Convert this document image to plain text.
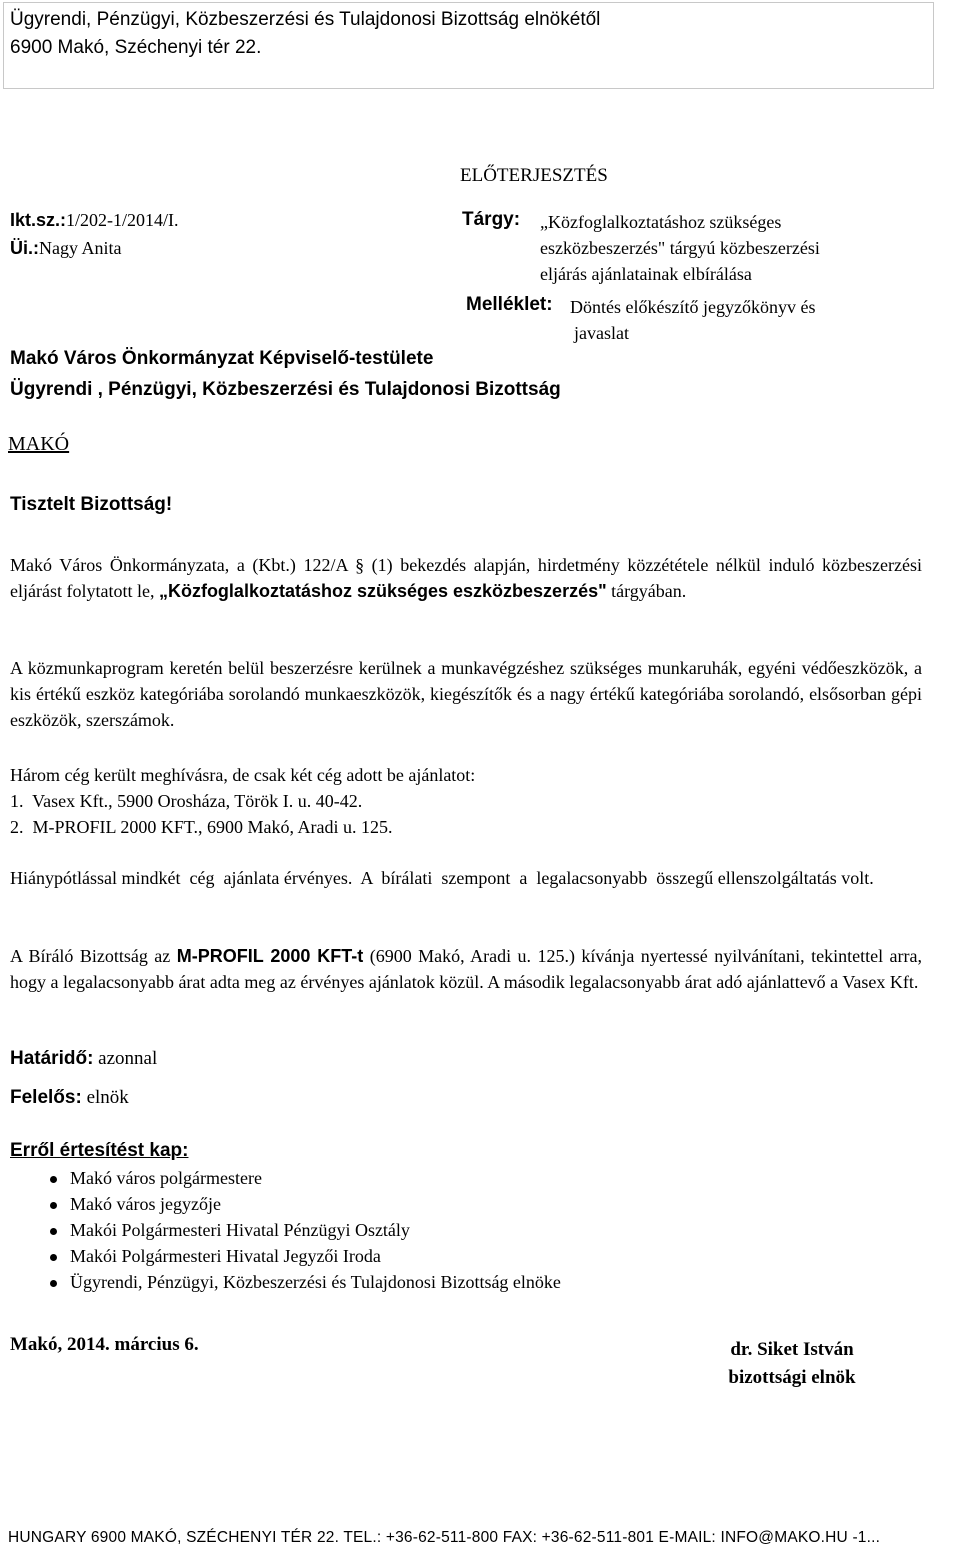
Ügyrendi, Pénzügyi, Közbeszerzési és Tulajdonosi Bizottság elnökétől
6900 Makó, Széchenyi tér 22.
ELŐTERJESZTÉS
Ikt.sz.:1/202-1/2014/I.
Üi.:Nagy Anita
Tárgy: „Közfoglalkoztatáshoz szükséges
eszközbeszerzés" tárgyú közbeszerzési
eljárás ajánlatainak elbírálása
Melléklet: Döntés előkészítő jegyzőkönyv és
javaslat
Makó Város Önkormányzat Képviselő-testülete
Ügyrendi , Pénzügyi, Közbeszerzési és Tulajdonosi Bizottság
MAKÓ
Tisztelt Bizottság!
Makó Város Önkormányzata, a (Kbt.) 122/A § (1) bekezdés alapján, hirdetmény közzététele nélkül induló közbeszerzési eljárást folytatott le, „Közfoglalkoztatáshoz szükséges eszközbeszerzés" tárgyában.
A közmunkaprogram keretén belül beszerzésre kerülnek a munkavégzéshez szükséges munkaruhák, egyéni védőeszközök, a kis értékű eszköz kategóriába sorolandó munkaeszközök, kiegészítők és a nagy értékű kategóriába sorolandó, elsősorban gépi eszközök, szerszámok.
Három cég került meghívásra, de csak két cég adott be ajánlatot:
1.  Vasex Kft., 5900 Orosháza, Török I. u. 40-42.
2.  M-PROFIL 2000 KFT., 6900 Makó, Aradi u. 125.
Hiánypótlással mindkét  cég  ajánlata érvényes.  A  bírálati  szempont  a  legalacsonyabb  összegű ellenszolgáltatás volt.
A Bíráló Bizottság az M-PROFIL 2000 KFT-t (6900 Makó, Aradi u. 125.) kívánja nyertessé nyilvánítani, tekintettel arra, hogy a legalacsonyabb árat adta meg az érvényes ajánlatok közül. A második legalacsonyabb árat adó ajánlattevő a Vasex Kft.
Határidő: azonnal
Felelős: elnök
Erről értesítést kap:
Makó város polgármestere
Makó város jegyzője
Makói Polgármesteri Hivatal Pénzügyi Osztály
Makói Polgármesteri Hivatal Jegyzői Iroda
Ügyrendi, Pénzügyi, Közbeszerzési és Tulajdonosi Bizottság elnöke
Makó, 2014. március 6.	dr. Siket István
bizottsági elnök
HUNGARY 6900 MAKÓ, SZÉCHENYI TÉR 22. TEL.: +36-62-511-800 FAX: +36-62-511-801 E-MAIL: INFO@MAKO.HU -1...
